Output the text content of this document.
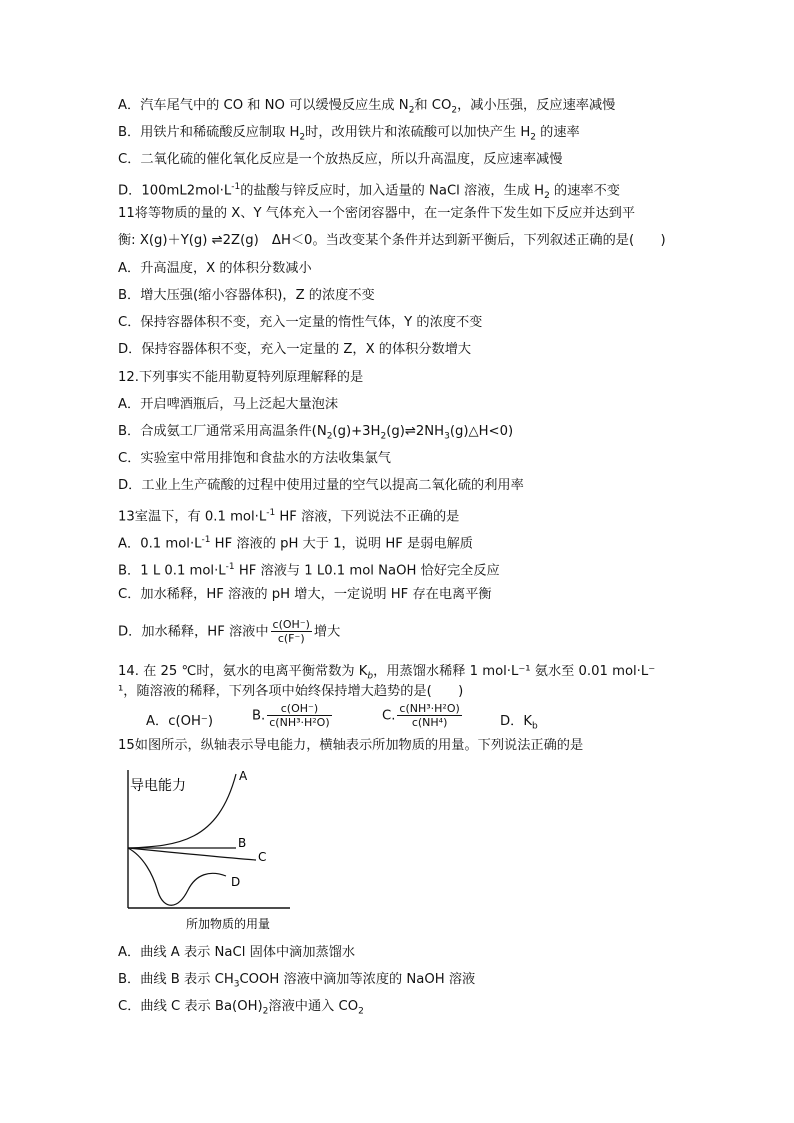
A．汽车尾气中的 CO 和 NO 可以缓慢反应生成 $N_2$和 $CO_2$，减小压强，反应速率减慢
B．用铁片和稀硫酸反应制取 $H_2$时，改用铁片和浓硫酸可以加快产生 $H_2$ 的速率
C．二氧化硫的催化氧化反应是一个放热反应，所以升高温度，反应速率减慢
D．$100mL2mol\cdot L^{-1}$的盐酸与锌反应时，加入适量的 NaCl 溶液，生成 $H_2$ 的速率不变
11将等物质的量的 X、Y 气体充入一个密闭容器中，在一定条件下发生如下反应并达到平
衡: X(g)＋Y(g) ⇌2Z(g)　ΔH＜0。当改变某个条件并达到新平衡后，下列叙述正确的是(　　)
A．升高温度，X 的体积分数减小
B．增大压强(缩小容器体积)，Z 的浓度不变
C．保持容器体积不变，充入一定量的惰性气体，Y 的浓度不变
D．保持容器体积不变，充入一定量的 Z，X 的体积分数增大
12.下列事实不能用勒夏特列原理解释的是
A．开启啤酒瓶后，马上泛起大量泡沫
B．合成氨工厂通常采用高温条件$(N_2(g)+3H_2(g)\rightleftharpoons 2NH_3(g)\triangle H<0)$
C．实验室中常用排饱和食盐水的方法收集氯气
D．工业上生产硫酸的过程中使用过量的空气以提高二氧化硫的利用率
13室温下，有 0.1 $mol\cdot L^{-1}$ HF 溶液，下列说法不正确的是
A．0.1 $mol\cdot L^{-1}$ HF 溶液的 pH 大于 1，说明 HF 是弱电解质
B．1 L 0.1 $mol\cdot L^{-1}$ HF 溶液与 1 L0.1 mol NaOH 恰好完全反应
C．加水稀释，HF 溶液的 pH 增大，一定说明 HF 存在电离平衡
D．加水稀释，HF 溶液中 $\frac{c(OH^-)}{c(F^-)}$ 增大
14. 在 25 ℃时，氨水的电离平衡常数为 $K_b$，用蒸馏水稀释 1 mol·L⁻¹ 氨水至 0.01 mol·L⁻
¹，随溶液的稀释，下列各项中始终保持增大趋势的是(　　)
A．c(OH⁻)	B. $\frac{c(OH^-)}{\text{c(NH³·H²O)}}$	C. $\frac{\text{c(NH³·H²O)}}{\text{c(NH⁴)}}$	D．$K_b$
15如图所示，纵轴表示导电能力，横轴表示所加物质的用量。下列说法正确的是
导电能力
所加物质的用量
A
B
C
D
A．曲线 A 表示 NaCl 固体中滴加蒸馏水
B．曲线 B 表示 $CH_3COOH$ 溶液中滴加等浓度的 NaOH 溶液
C．曲线 C 表示 $Ba(OH)_2$溶液中通入 $CO_2$
